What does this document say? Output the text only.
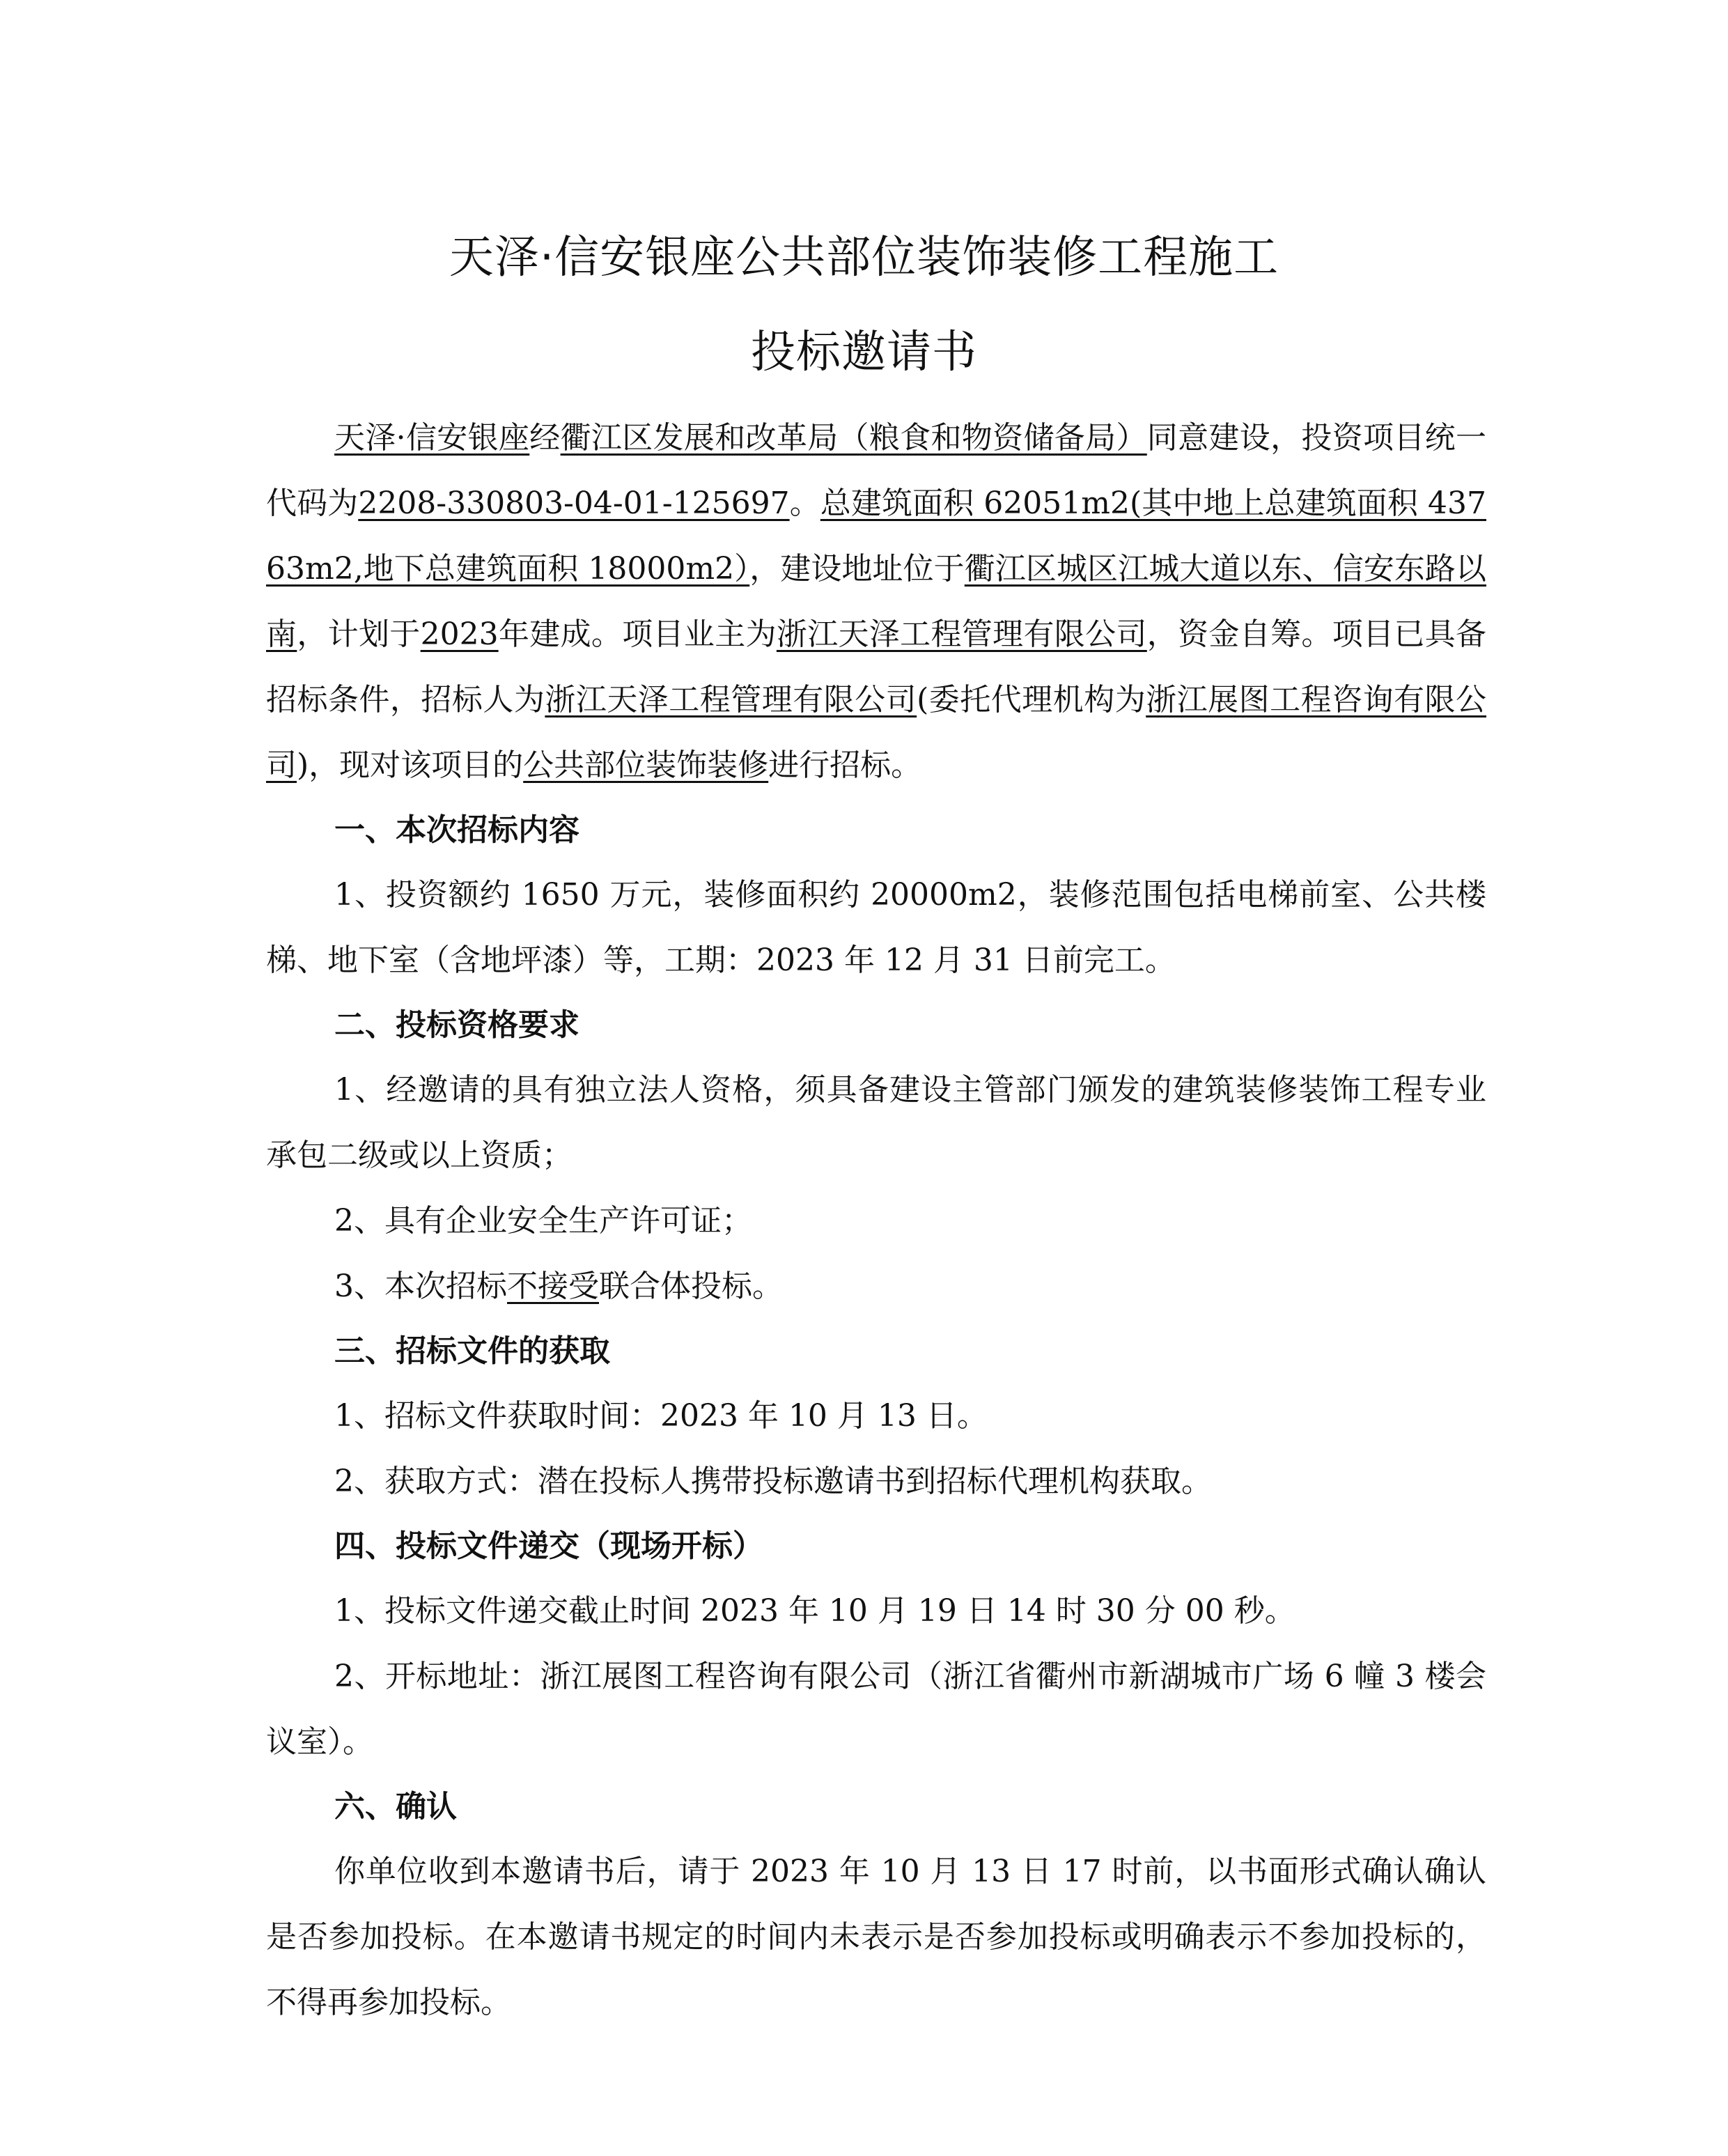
天泽·信安银座公共部位装饰装修工程施工
投标邀请书

天泽·信安银座经衢江区发展和改革局（粮食和物资储备局）同意建设，投资项目统一代码为2208-330803-04-01-125697。总建筑面积 62051m2(其中地上总建筑面积 43763m2,地下总建筑面积 18000m2），建设地址位于衢江区城区江城大道以东、信安东路以南，计划于2023年建成。项目业主为浙江天泽工程管理有限公司，资金自筹。项目已具备招标条件，招标人为浙江天泽工程管理有限公司(委托代理机构为浙江展图工程咨询有限公司)，现对该项目的公共部位装饰装修进行招标。

一、本次招标内容

1、投资额约 1650 万元，装修面积约 20000m2，装修范围包括电梯前室、公共楼梯、地下室（含地坪漆）等，工期：2023 年 12 月 31 日前完工。

二、投标资格要求

1、经邀请的具有独立法人资格，须具备建设主管部门颁发的建筑装修装饰工程专业承包二级或以上资质；

2、具有企业安全生产许可证；

3、本次招标不接受联合体投标。

三、招标文件的获取

1、招标文件获取时间：2023 年 10 月 13 日。

2、获取方式：潜在投标人携带投标邀请书到招标代理机构获取。

四、投标文件递交（现场开标）

1、投标文件递交截止时间 2023 年 10 月 19 日 14 时 30 分 00 秒。

2、开标地址：浙江展图工程咨询有限公司（浙江省衢州市新湖城市广场 6 幢 3 楼会议室）。

六、确认

你单位收到本邀请书后，请于 2023 年 10 月 13 日 17 时前，以书面形式确认确认是否参加投标。在本邀请书规定的时间内未表示是否参加投标或明确表示不参加投标的，不得再参加投标。
